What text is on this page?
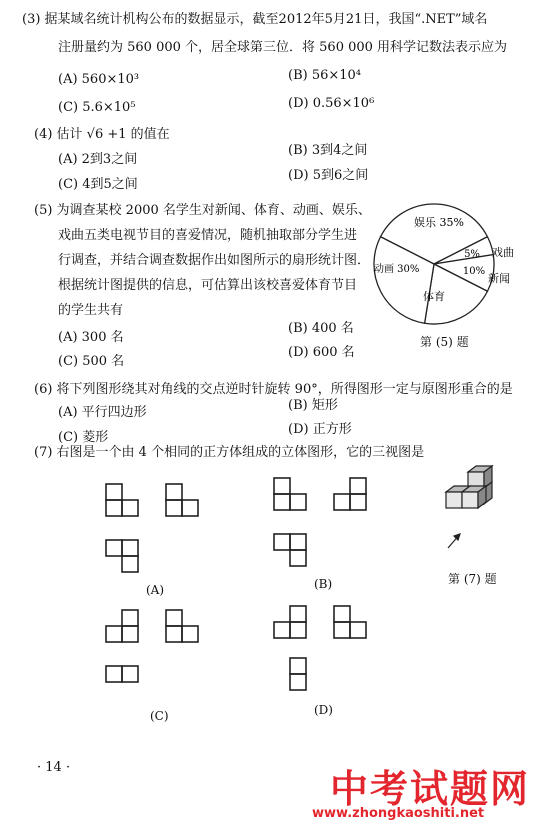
(3) 据某域名统计机构公布的数据显示，截至2012年5月21日，我国“.NET”域名
注册量约为 560 000 个，居全球第三位．将 560 000 用科学记数法表示应为
(A) 560×10³	(B) 56×10⁴
(C) 5.6×10⁵	(D) 0.56×10⁶
(4) 估计 √6 +1 的值在
(A) 2到3之间
(B) 3到4之间
(C) 4到5之间
(D) 5到6之间
(5) 为调查某校 2000 名学生对新闻、体育、动画、娱乐、
戏曲五类电视节目的喜爱情况，随机抽取部分学生进
行调查，并结合调查数据作出如图所示的扇形统计图．
根据统计图提供的信息，可估算出该校喜爱体育节目
的学生共有
(A) 300 名
(B) 400 名
(C) 500 名
(D) 600 名
娱乐 35%
5%
10%
体育
动画 30%
戏曲
新闻
第 (5) 题
(6) 将下列图形绕其对角线的交点逆时针旋转 90°，所得图形一定与原图形重合的是
(A) 平行四边形	(B) 矩形
(C) 菱形
(D) 正方形
(7) 右图是一个由 4 个相同的正方体组成的立体图形，它的三视图是
(A)	(B)
(C)	(D)
第 (7) 题
· 14 ·	中考试题网
www.zhongkaoshiti.net
